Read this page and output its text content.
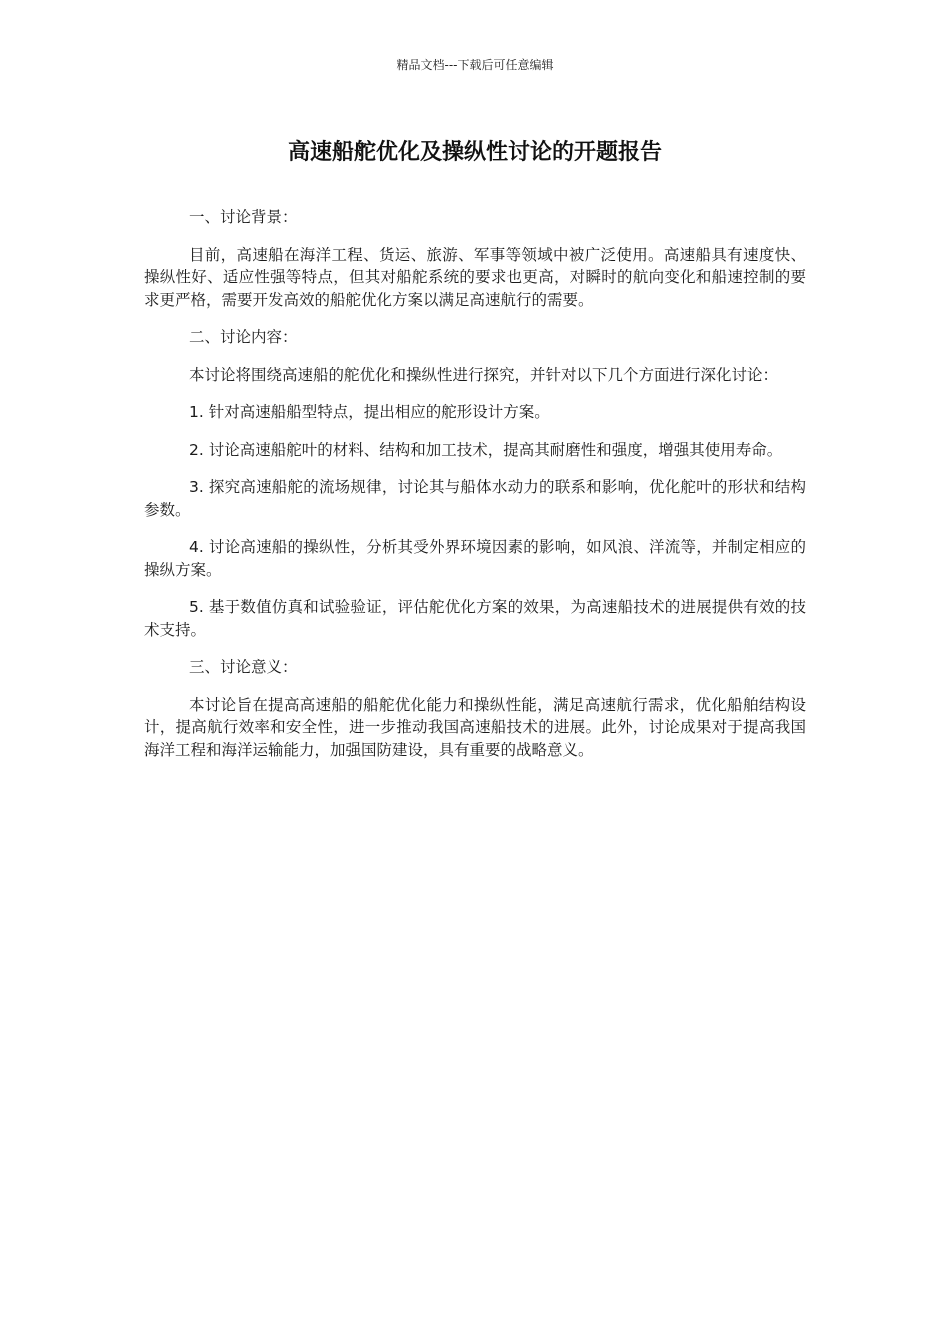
精品文档---下载后可任意编辑
高速船舵优化及操纵性讨论的开题报告

一、讨论背景：

目前，高速船在海洋工程、货运、旅游、军事等领域中被广泛使用。高速船具有速度快、操纵性好、适应性强等特点，但其对船舵系统的要求也更高，对瞬时的航向变化和船速控制的要求更严格，需要开发高效的船舵优化方案以满足高速航行的需要。

二、讨论内容：

本讨论将围绕高速船的舵优化和操纵性进行探究，并针对以下几个方面进行深化讨论：

1. 针对高速船船型特点，提出相应的舵形设计方案。

2. 讨论高速船舵叶的材料、结构和加工技术，提高其耐磨性和强度，增强其使用寿命。

3. 探究高速船舵的流场规律，讨论其与船体水动力的联系和影响，优化舵叶的形状和结构参数。

4. 讨论高速船的操纵性，分析其受外界环境因素的影响，如风浪、洋流等，并制定相应的操纵方案。

5. 基于数值仿真和试验验证，评估舵优化方案的效果，为高速船技术的进展提供有效的技术支持。

三、讨论意义：

本讨论旨在提高高速船的船舵优化能力和操纵性能，满足高速航行需求，优化船舶结构设计，提高航行效率和安全性，进一步推动我国高速船技术的进展。此外，讨论成果对于提高我国海洋工程和海洋运输能力，加强国防建设，具有重要的战略意义。
